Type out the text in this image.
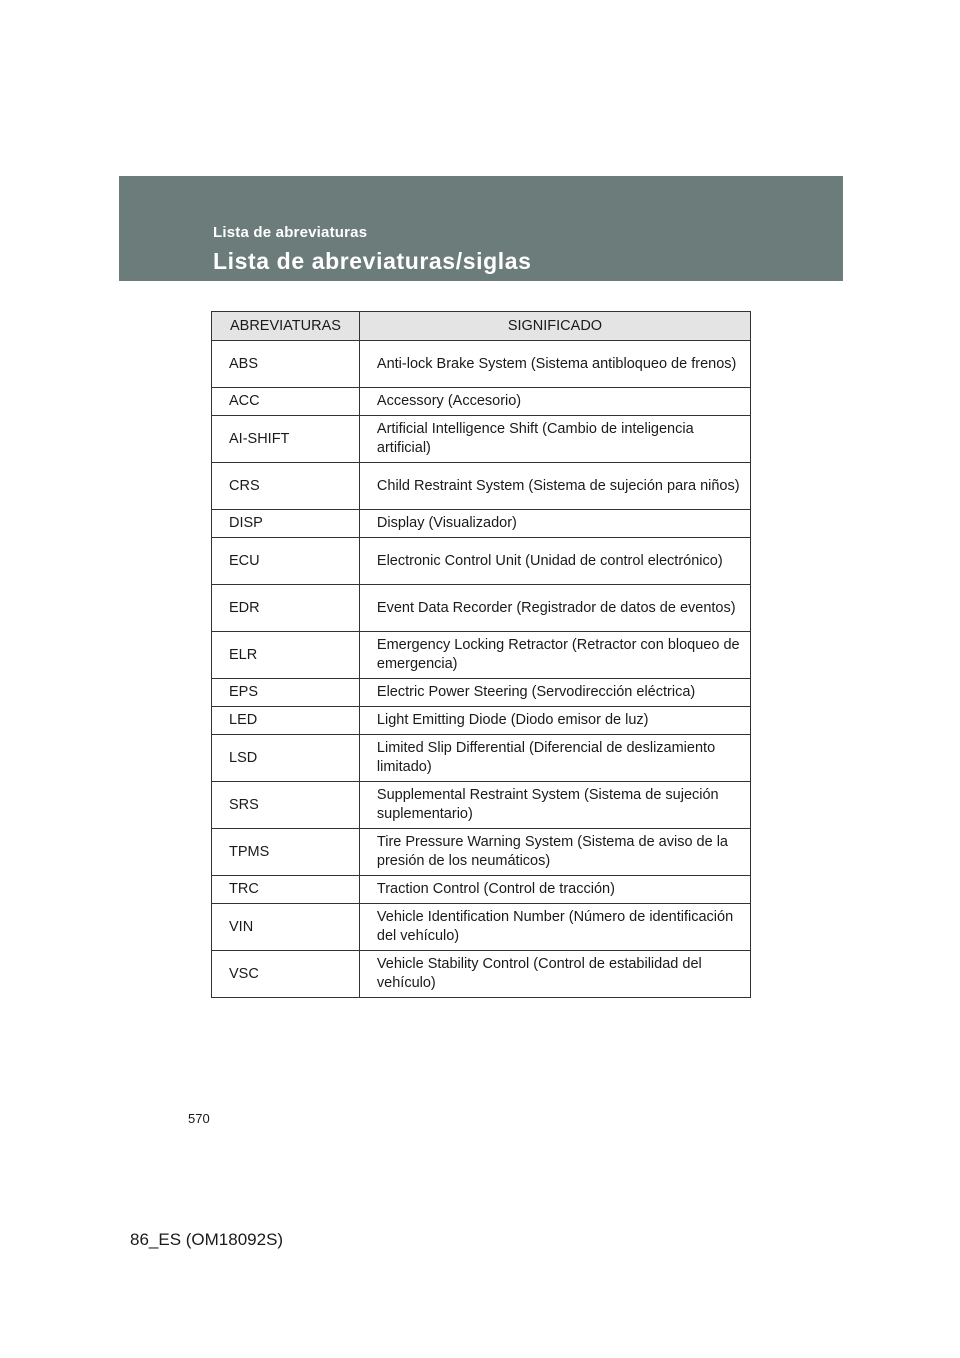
Lista de abreviaturas
Lista de abreviaturas/siglas
ABREVIATURAS	SIGNIFICADO
ABS	Anti-lock Brake System (Sistema antibloqueo de frenos)
ACC	Accessory (Accesorio)
AI-SHIFT	Artificial Intelligence Shift (Cambio de inteligencia artificial)
CRS	Child Restraint System (Sistema de sujeción para niños)
DISP	Display (Visualizador)
ECU	Electronic Control Unit (Unidad de control electrónico)
EDR	Event Data Recorder (Registrador de datos de eventos)
ELR	Emergency Locking Retractor (Retractor con bloqueo de emergencia)
EPS	Electric Power Steering (Servodirección eléctrica)
LED	Light Emitting Diode (Diodo emisor de luz)
LSD	Limited Slip Differential (Diferencial de deslizamiento limitado)
SRS	Supplemental Restraint System (Sistema de sujeción suplementario)
TPMS	Tire Pressure Warning System (Sistema de aviso de la presión de los neumáticos)
TRC	Traction Control (Control de tracción)
VIN	Vehicle Identification Number (Número de identificación del vehículo)
VSC	Vehicle Stability Control (Control de estabilidad del vehículo)
570
86_ES (OM18092S)
